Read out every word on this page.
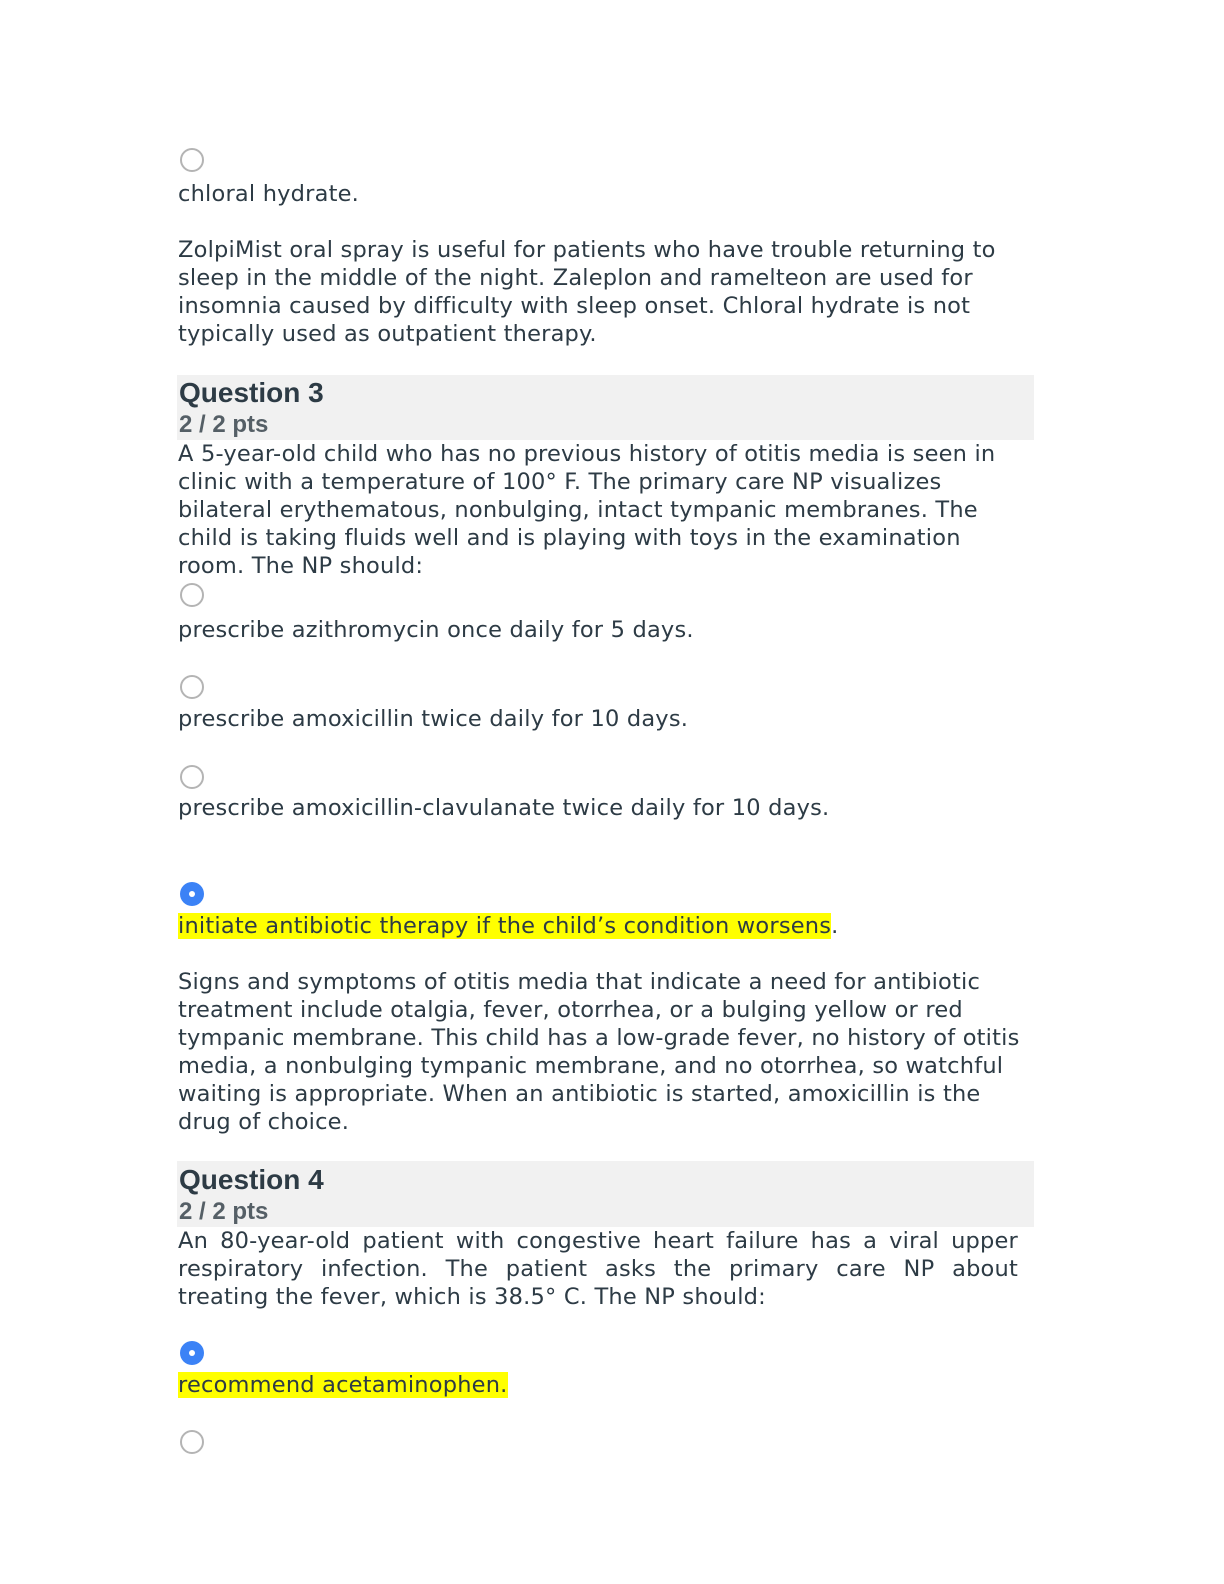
chloral hydrate.
ZolpiMist oral spray is useful for patients who have trouble returning to sleep in the middle of the night. Zaleplon and ramelteon are used for insomnia caused by difficulty with sleep onset. Chloral hydrate is not typically used as outpatient therapy.
Question 3
2 / 2 pts
A 5-year-old child who has no previous history of otitis media is seen in clinic with a temperature of 100° F. The primary care NP visualizes bilateral erythematous, nonbulging, intact tympanic membranes. The child is taking fluids well and is playing with toys in the examination room. The NP should:
prescribe azithromycin once daily for 5 days.
prescribe amoxicillin twice daily for 10 days.
prescribe amoxicillin-clavulanate twice daily for 10 days.
initiate antibiotic therapy if the child’s condition worsens.
Signs and symptoms of otitis media that indicate a need for antibiotic treatment include otalgia, fever, otorrhea, or a bulging yellow or red tympanic membrane. This child has a low-grade fever, no history of otitis media, a nonbulging tympanic membrane, and no otorrhea, so watchful waiting is appropriate. When an antibiotic is started, amoxicillin is the drug of choice.
Question 4
2 / 2 pts
An 80-year-old patient with congestive heart failure has a viral upper respiratory infection. The patient asks the primary care NP about treating the fever, which is 38.5° C. The NP should:
recommend acetaminophen.
